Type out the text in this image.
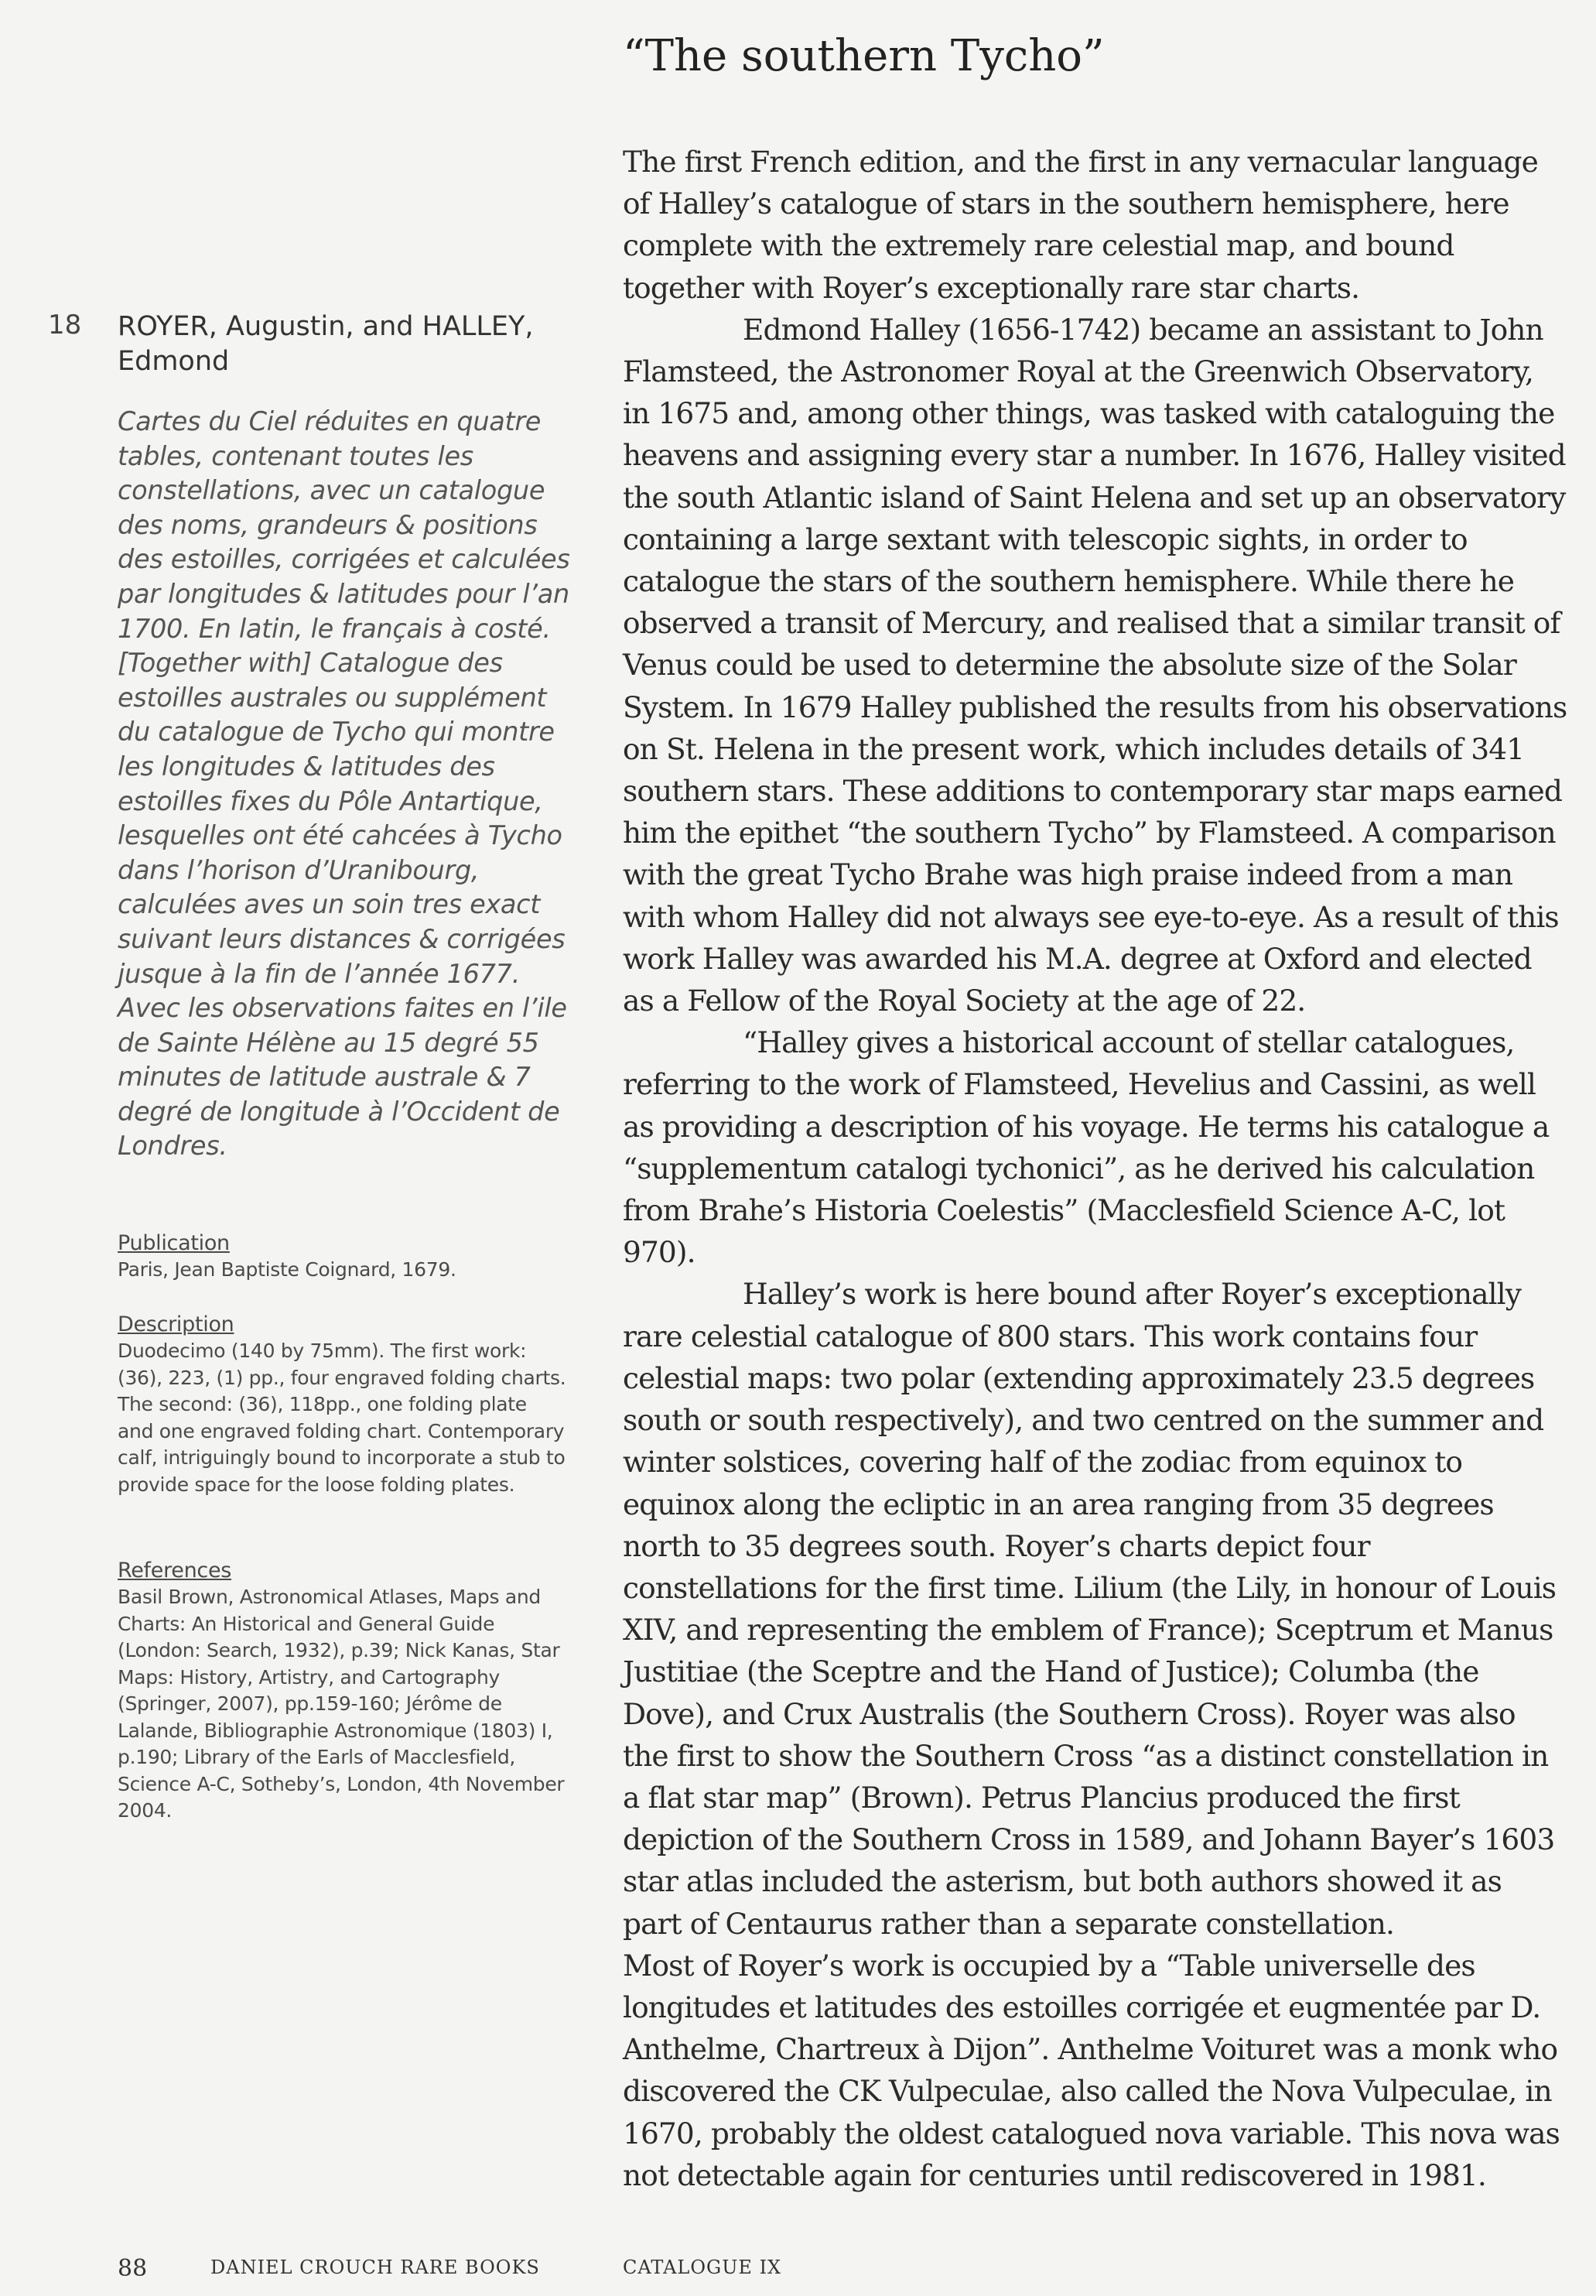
“The southern Tycho”
18 ROYER, Augustin, and HALLEY, Edmond

Cartes du Ciel réduites en quatre tables, contenant toutes les constellations, avec un catalogue des noms, grandeurs & positions des estoilles, corrigées et calculées par longitudes & latitudes pour l’an 1700. En latin, le français à costé. [Together with] Catalogue des estoilles australes ou supplément du catalogue de Tycho qui montre les longitudes & latitudes des estoilles fixes du Pôle Antartique, lesquelles ont été cahcées à Tycho dans l’horison d’Uranibourg, calculées aves un soin tres exact suivant leurs distances & corrigées jusque à la fin de l’année 1677. Avec les observations faites en l’ile de Sainte Hélène au 15 degré 55 minutes de latitude australe & 7 degré de longitude à l’Occident de Londres.

Publication
Paris, Jean Baptiste Coignard, 1679.
Description
Duodecimo (140 by 75mm). The first work: (36), 223, (1) pp., four engraved folding charts. The second: (36), 118pp., one folding plate and one engraved folding chart. Contemporary calf, intriguingly bound to incorporate a stub to provide space for the loose folding plates.
References
Basil Brown, Astronomical Atlases, Maps and Charts: An Historical and General Guide (London: Search, 1932), p.39; Nick Kanas, Star Maps: History, Artistry, and Cartography (Springer, 2007), pp.159-160; Jérôme de Lalande, Bibliographie Astronomique (1803) I, p.190; Library of the Earls of Macclesfield, Science A-C, Sotheby’s, London, 4th November 2004.

The first French edition, and the first in any vernacular language of Halley’s catalogue of stars in the southern hemisphere, here complete with the extremely rare celestial map, and bound together with Royer’s exceptionally rare star charts.

Edmond Halley (1656-1742) became an assistant to John Flamsteed, the Astronomer Royal at the Greenwich Observatory, in 1675 and, among other things, was tasked with cataloguing the heavens and assigning every star a number. In 1676, Halley visited the south Atlantic island of Saint Helena and set up an observatory containing a large sextant with telescopic sights, in order to catalogue the stars of the southern hemisphere. While there he observed a transit of Mercury, and realised that a similar transit of Venus could be used to determine the absolute size of the Solar System. In 1679 Halley published the results from his observations on St. Helena in the present work, which includes details of 341 southern stars. These additions to contemporary star maps earned him the epithet “the southern Tycho” by Flamsteed. A comparison with the great Tycho Brahe was high praise indeed from a man with whom Halley did not always see eye-to-eye. As a result of this work Halley was awarded his M.A. degree at Oxford and elected as a Fellow of the Royal Society at the age of 22.

“Halley gives a historical account of stellar catalogues, referring to the work of Flamsteed, Hevelius and Cassini, as well as providing a description of his voyage. He terms his catalogue a “supplementum catalogi tychonici”, as he derived his calculation from Brahe’s Historia Coelestis” (Macclesfield Science A-C, lot 970).

Halley’s work is here bound after Royer’s exceptionally rare celestial catalogue of 800 stars. This work contains four celestial maps: two polar (extending approximately 23.5 degrees south or south respectively), and two centred on the summer and winter solstices, covering half of the zodiac from equinox to equinox along the ecliptic in an area ranging from 35 degrees north to 35 degrees south. Royer’s charts depict four constellations for the first time. Lilium (the Lily, in honour of Louis XIV, and representing the emblem of France); Sceptrum et Manus Justitiae (the Sceptre and the Hand of Justice); Columba (the Dove), and Crux Australis (the Southern Cross). Royer was also the first to show the Southern Cross “as a distinct constellation in a flat star map” (Brown). Petrus Plancius produced the first depiction of the Southern Cross in 1589, and Johann Bayer’s 1603 star atlas included the asterism, but both authors showed it as part of Centaurus rather than a separate constellation.

Most of Royer’s work is occupied by a “Table universelle des longitudes et latitudes des estoilles corrigée et eugmentée par D. Anthelme, Chartreux à Dijon”. Anthelme Voituret was a monk who discovered the CK Vulpeculae, also called the Nova Vulpeculae, in 1670, probably the oldest catalogued nova variable. This nova was not detectable again for centuries until rediscovered in 1981.

88	DANIEL CROUCH RARE BOOKS	CATALOGUE IX
